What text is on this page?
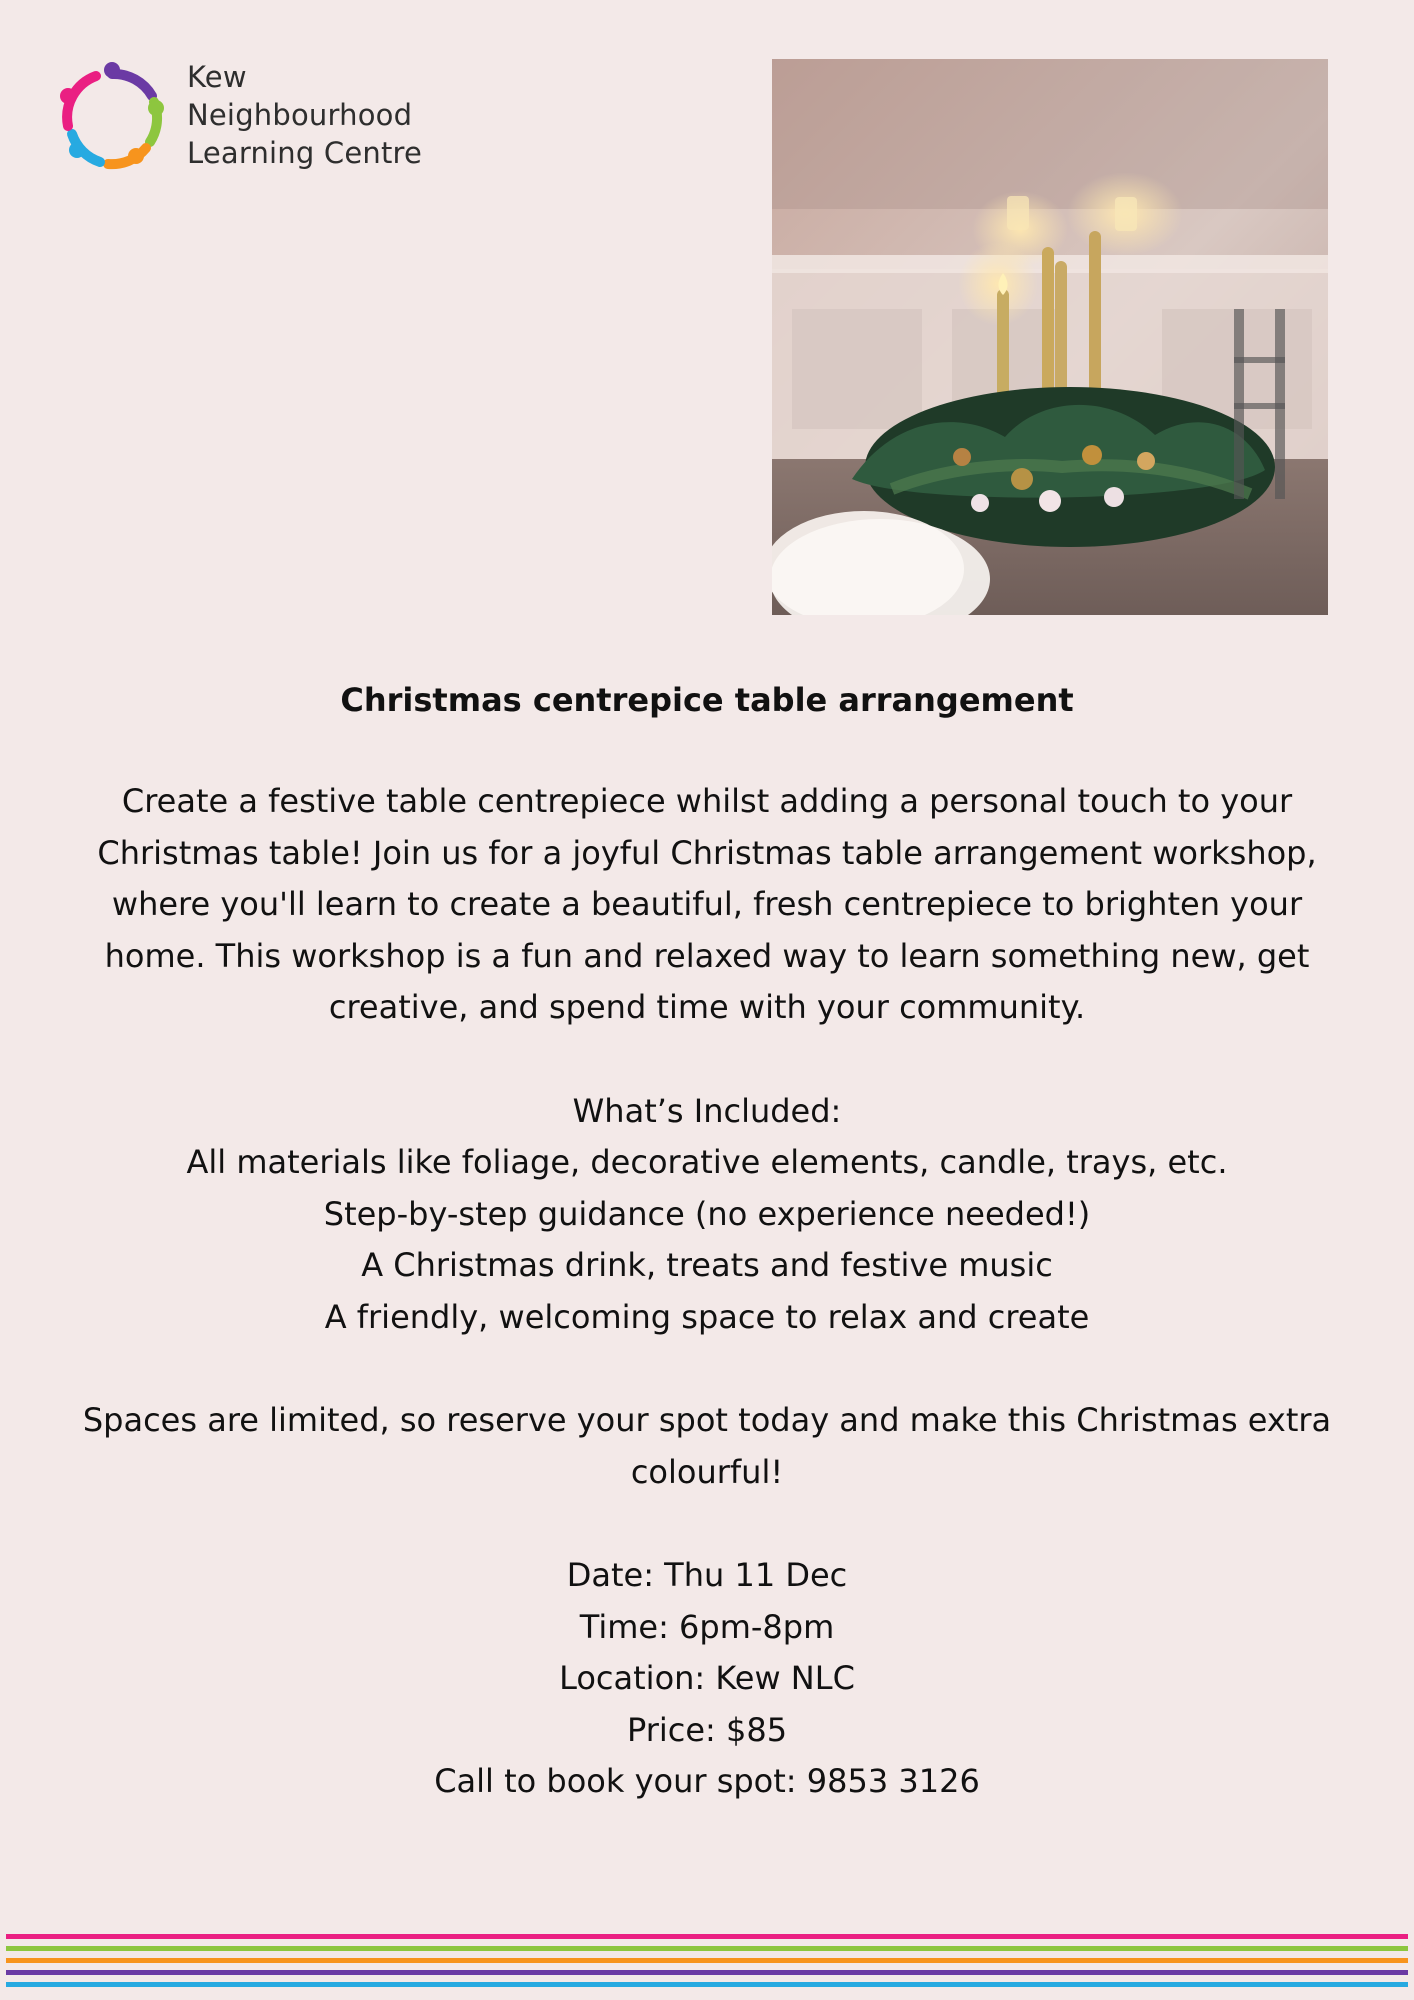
Kew
Neighbourhood
Learning Centre
Christmas centrepice table arrangement
Create a festive table centrepiece whilst adding a personal touch to your
Christmas table! Join us for a joyful Christmas table arrangement workshop,
where you'll learn to create a beautiful, fresh centrepiece to brighten your
home. This workshop is a fun and relaxed way to learn something new, get
creative, and spend time with your community.
What’s Included:
All materials like foliage, decorative elements, candle, trays, etc.
Step-by-step guidance (no experience needed!)
A Christmas drink, treats and festive music
A friendly, welcoming space to relax and create
Spaces are limited, so reserve your spot today and make this Christmas extra
colourful!
Date: Thu 11 Dec
Time: 6pm-8pm
Location: Kew NLC
Price: $85
Call to book your spot: 9853 3126
